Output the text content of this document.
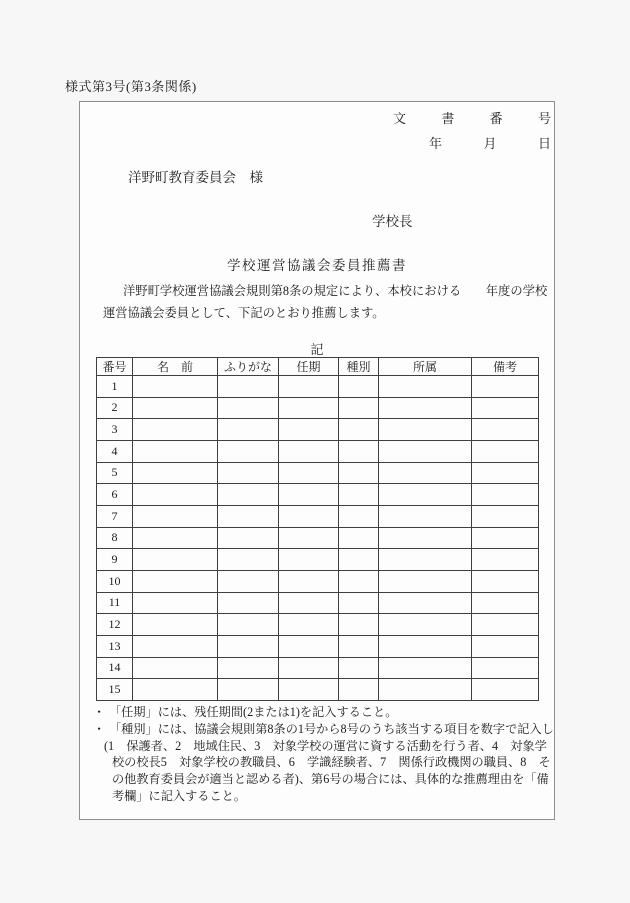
様式第3号(第3条関係)
文	書	番	号
年	月	日
洋野町教育委員会　様
学校長
学校運営協議会委員推薦書
洋野町学校運営協議会規則第8条の規定により、本校における　　年度の学校
運営協議会委員として、下記のとおり推薦します。
記
番号	名　前	ふりがな	任期	種別	所属	備考
1						
2						
3						
4						
5						
6						
7						
8						
9						
10						
11						
12						
13						
14						
15						
・ 「任期」には、残任期間(2または1)を記入すること。
・ 「種別」には、協議会規則第8条の1号から8号のうち該当する項目を数字で記入し
(1　保護者、2　地域住民、3　対象学校の運営に資する活動を行う者、4　対象学
校の校長5　対象学校の教職員、6　学識経験者、7　関係行政機関の職員、8　そ
の他教育委員会が適当と認める者)、第6号の場合には、具体的な推薦理由を「備
考欄」に記入すること。
